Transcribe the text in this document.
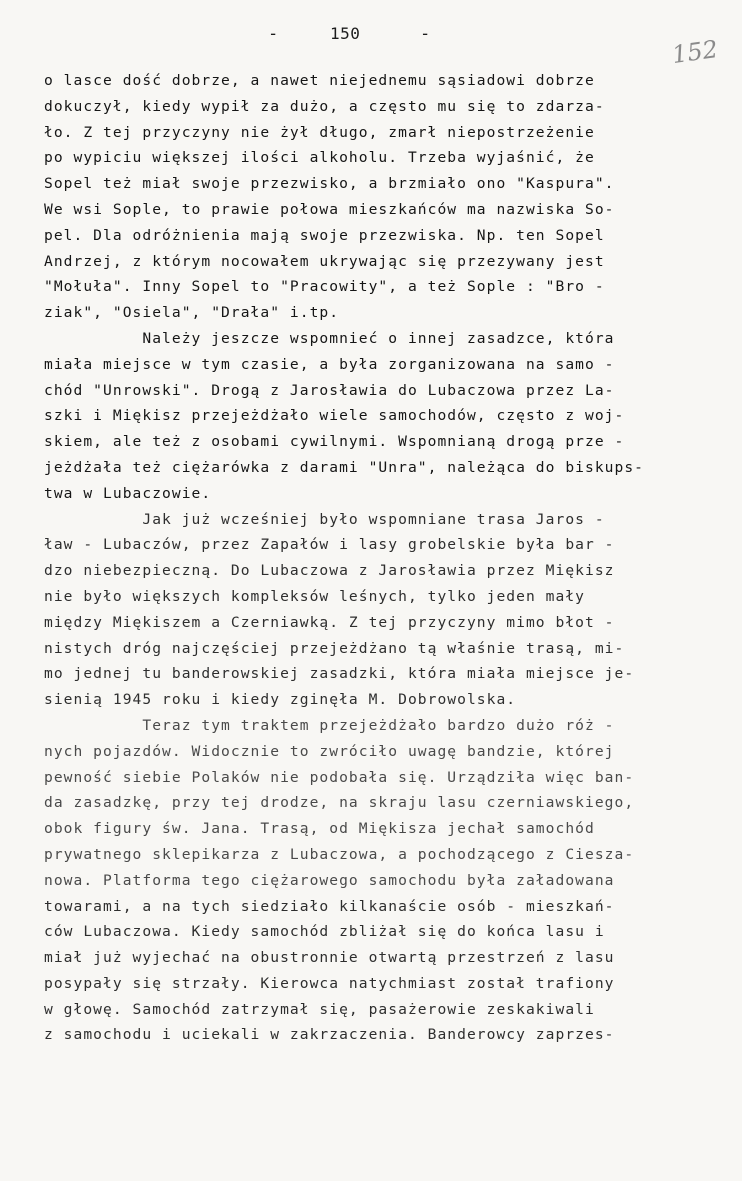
-	150	-
152
o lasce dość dobrze, a nawet niejednemu sąsiadowi dobrze
dokuczył, kiedy wypił za dużo, a często mu się to zdarza-
ło. Z tej przyczyny nie żył długo, zmarł niepostrzeżenie
po wypiciu większej ilości alkoholu. Trzeba wyjaśnić, że
Sopel też miał swoje przezwisko, a brzmiało ono "Kaspura".
We wsi Sople, to prawie połowa mieszkańców ma nazwiska So-
pel. Dla odróżnienia mają swoje przezwiska. Np. ten Sopel
Andrzej, z którym nocowałem ukrywając się przezywany jest
"Mołuła". Inny Sopel to "Pracowity", a też Sople : "Bro -
ziak", "Osiela", "Drała" i.tp.
Należy jeszcze wspomnieć o innej zasadzce, która
miała miejsce w tym czasie, a była zorganizowana na samo -
chód "Unrowski". Drogą z Jarosławia do Lubaczowa przez La-
szki i Miękisz przejeżdżało wiele samochodów, często z woj-
skiem, ale też z osobami cywilnymi. Wspomnianą drogą prze -
jeżdżała też ciężarówka z darami "Unra", należąca do biskups-
twa w Lubaczowie.
Jak już wcześniej było wspomniane trasa Jaros -
ław - Lubaczów, przez Zapałów i lasy grobelskie była bar -
dzo niebezpieczną. Do Lubaczowa z Jarosławia przez Miękisz
nie było większych kompleksów leśnych, tylko jeden mały
między Miękiszem a Czerniawką. Z tej przyczyny mimo błot -
nistych dróg najczęściej przejeżdżano tą właśnie trasą, mi-
mo jednej tu banderowskiej zasadzki, która miała miejsce je-
sienią 1945 roku i kiedy zginęła M. Dobrowolska.
Teraz tym traktem przejeżdżało bardzo dużo róż -
nych pojazdów. Widocznie to zwróciło uwagę bandzie, której
pewność siebie Polaków nie podobała się. Urządziła więc ban-
da zasadzkę, przy tej drodze, na skraju lasu czerniawskiego,
obok figury św. Jana. Trasą, od Miękisza jechał samochód
prywatnego sklepikarza z Lubaczowa, a pochodzącego z Ciesza-
nowa. Platforma tego ciężarowego samochodu była załadowana
towarami, a na tych siedziało kilkanaście osób - mieszkań-
ców Lubaczowa. Kiedy samochód zbliżał się do końca lasu i
miał już wyjechać na obustronnie otwartą przestrzeń z lasu
posypały się strzały. Kierowca natychmiast został trafiony
w głowę. Samochód zatrzymał się, pasażerowie zeskakiwali
z samochodu i uciekali w zakrzaczenia. Banderowcy zaprzes-
